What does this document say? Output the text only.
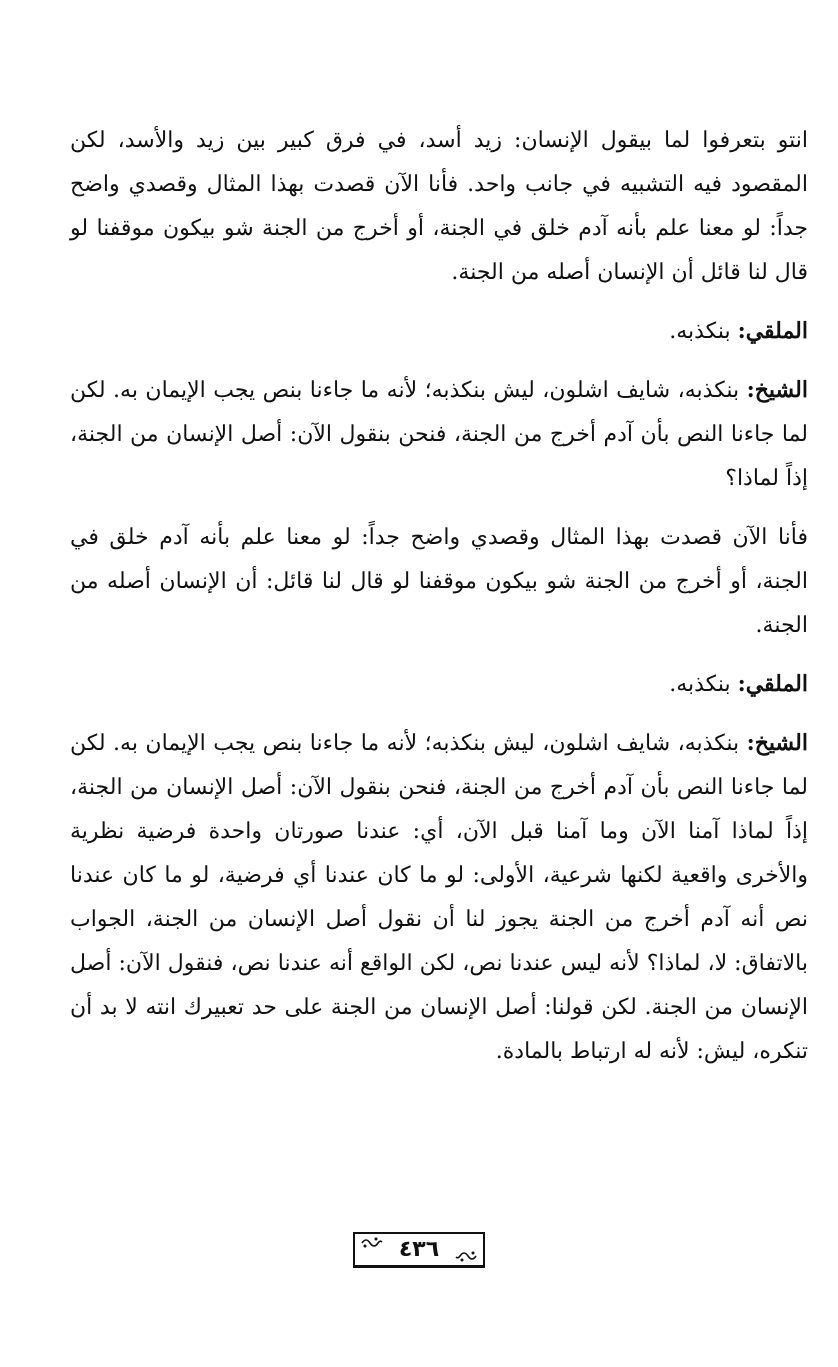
انتو بتعرفوا لما بيقول الإنسان: زيد أسد، في فرق كبير بين زيد والأسد، لكن المقصود فيه التشبيه في جانب واحد. فأنا الآن قصدت بهذا المثال وقصدي واضح جداً: لو معنا علم بأنه آدم خلق في الجنة، أو أخرج من الجنة شو بيكون موقفنا لو قال لنا قائل أن الإنسان أصله من الجنة.

الملقي: بنكذبه.

الشيخ: بنكذبه، شايف اشلون، ليش بنكذبه؛ لأنه ما جاءنا بنص يجب الإيمان به. لكن لما جاءنا النص بأن آدم أخرج من الجنة، فنحن بنقول الآن: أصل الإنسان من الجنة، إذاً لماذا؟

فأنا الآن قصدت بهذا المثال وقصدي واضح جداً: لو معنا علم بأنه آدم خلق في الجنة، أو أخرج من الجنة شو بيكون موقفنا لو قال لنا قائل: أن الإنسان أصله من الجنة.

الملقي: بنكذبه.

الشيخ: بنكذبه، شايف اشلون، ليش بنكذبه؛ لأنه ما جاءنا بنص يجب الإيمان به. لكن لما جاءنا النص بأن آدم أخرج من الجنة، فنحن بنقول الآن: أصل الإنسان من الجنة، إذاً لماذا آمنا الآن وما آمنا قبل الآن، أي: عندنا صورتان واحدة فرضية نظرية والأخرى واقعية لكنها شرعية، الأولى: لو ما كان عندنا أي فرضية، لو ما كان عندنا نص أنه آدم أخرج من الجنة يجوز لنا أن نقول أصل الإنسان من الجنة، الجواب بالاتفاق: لا، لماذا؟ لأنه ليس عندنا نص، لكن الواقع أنه عندنا نص، فنقول الآن: أصل الإنسان من الجنة. لكن قولنا: أصل الإنسان من الجنة على حد تعبيرك انته لا بد أن تنكره، ليش: لأنه له ارتباط بالمادة.

٤٣٦
